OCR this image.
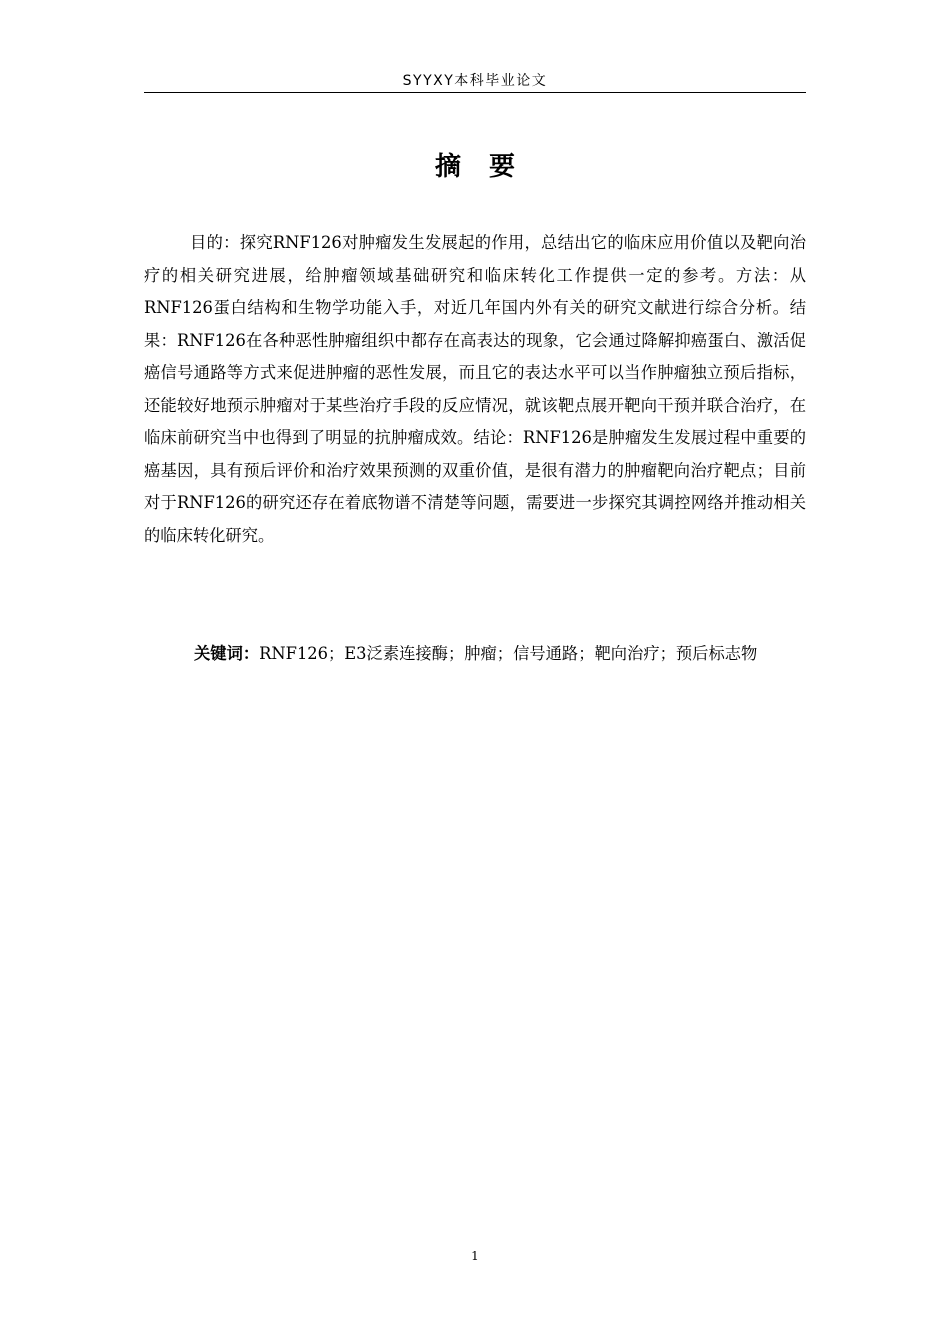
SYYXY本科毕业论文
摘要

目的：探究RNF126对肿瘤发生发展起的作用，总结出它的临床应用价值以及靶向治疗的相关研究进展，给肿瘤领域基础研究和临床转化工作提供一定的参考。方法：从RNF126蛋白结构和生物学功能入手，对近几年国内外有关的研究文献进行综合分析。结果：RNF126在各种恶性肿瘤组织中都存在高表达的现象，它会通过降解抑癌蛋白、激活促癌信号通路等方式来促进肿瘤的恶性发展，而且它的表达水平可以当作肿瘤独立预后指标，还能较好地预示肿瘤对于某些治疗手段的反应情况，就该靶点展开靶向干预并联合治疗，在临床前研究当中也得到了明显的抗肿瘤成效。结论：RNF126是肿瘤发生发展过程中重要的癌基因，具有预后评价和治疗效果预测的双重价值，是很有潜力的肿瘤靶向治疗靶点；目前对于RNF126的研究还存在着底物谱不清楚等问题，需要进一步探究其调控网络并推动相关的临床转化研究。

关键词：RNF126；E3泛素连接酶；肿瘤；信号通路；靶向治疗；预后标志物

1
